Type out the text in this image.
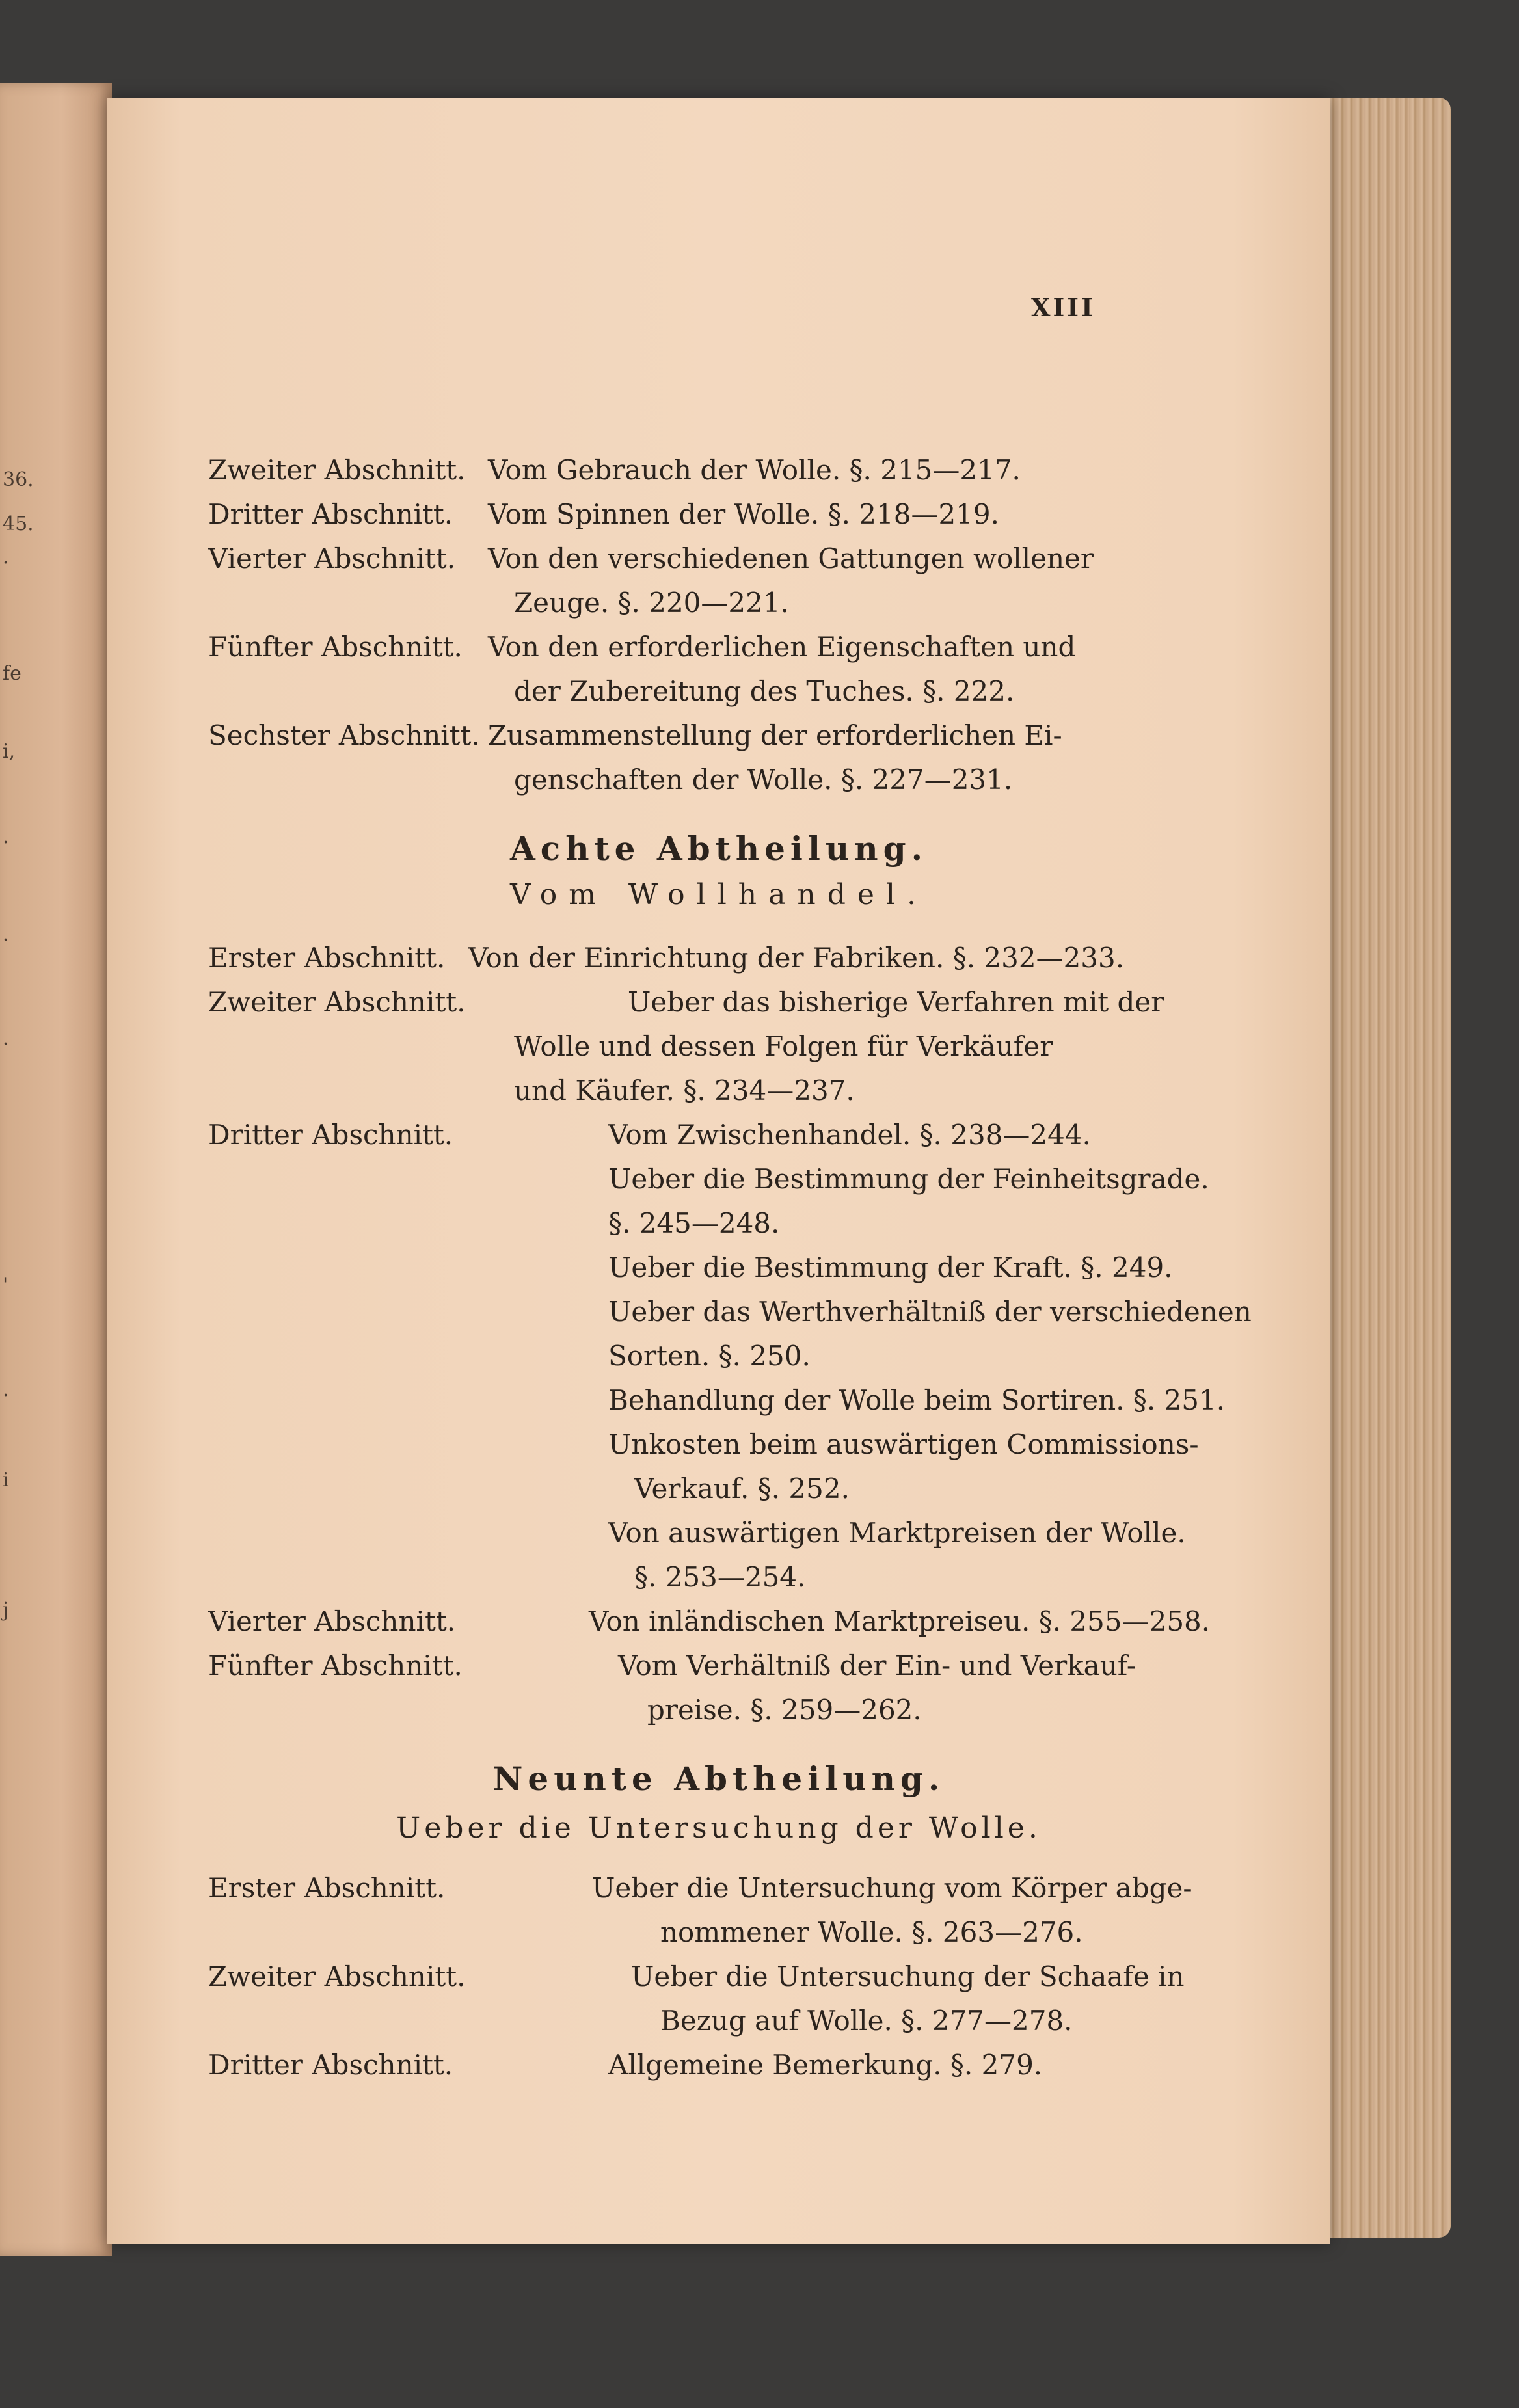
36.
45.
·
fe
i,
·
·
·
'
·
i
j
XIII
Zweiter Abschnitt. Vom Gebrauch der Wolle. §. 215—217.
Dritter Abschnitt. Vom Spinnen der Wolle. §. 218—219.
Vierter Abschnitt. Von den verschiedenen Gattungen wollener
Zeuge. §. 220—221.
Fünfter Abschnitt. Von den erforderlichen Eigenschaften und
der Zubereitung des Tuches. §. 222.
Sechster Abschnitt. Zusammenstellung der erforderlichen Ei-
genschaften der Wolle. §. 227—231.
Achte Abtheilung.
Vom Wollhandel.
Erster Abschnitt. Von der Einrichtung der Fabriken. §. 232—233.
Zweiter Abschnitt.	Ueber das bisherige Verfahren mit der
Wolle und dessen Folgen für Verkäufer
und Käufer. §. 234—237.
Dritter Abschnitt.	Vom Zwischenhandel. §. 238—244.
Ueber die Bestimmung der Feinheitsgrade.
§. 245—248.
Ueber die Bestimmung der Kraft. §. 249.
Ueber das Werthverhältniß der verschiedenen
Sorten. §. 250.
Behandlung der Wolle beim Sortiren. §. 251.
Unkosten beim auswärtigen Commissions-
Verkauf. §. 252.
Von auswärtigen Marktpreisen der Wolle.
§. 253—254.
Vierter Abschnitt.	Von inländischen Marktpreiseu. §. 255—258.
Fünfter Abschnitt.	Vom Verhältniß der Ein- und Verkauf-
preise. §. 259—262.
Neunte Abtheilung.
Ueber die Untersuchung der Wolle.
Erster Abschnitt.	Ueber die Untersuchung vom Körper abge-
nommener Wolle. §. 263—276.
Zweiter Abschnitt.	Ueber die Untersuchung der Schaafe in
Bezug auf Wolle. §. 277—278.
Dritter Abschnitt.	Allgemeine Bemerkung. §. 279.
